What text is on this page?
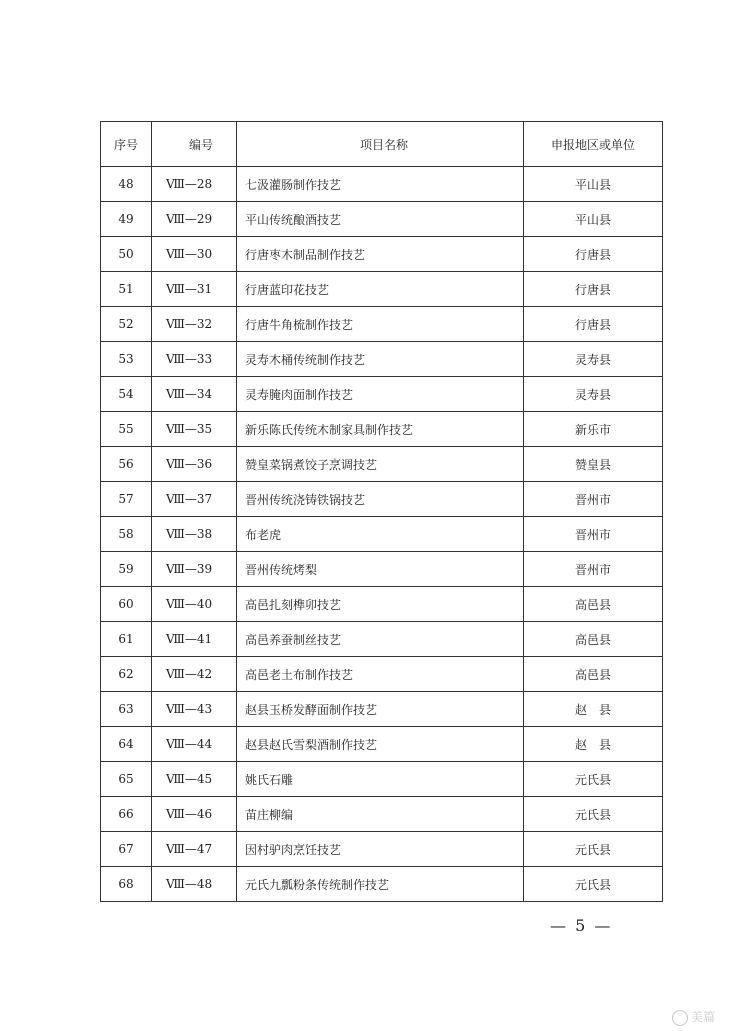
序号	编号	项目名称	申报地区或单位
48	Ⅷ—28	七汲灌肠制作技艺	平山县
49	Ⅷ—29	平山传统酿酒技艺	平山县
50	Ⅷ—30	行唐枣木制品制作技艺	行唐县
51	Ⅷ—31	行唐蓝印花技艺	行唐县
52	Ⅷ—32	行唐牛角梳制作技艺	行唐县
53	Ⅷ—33	灵寿木桶传统制作技艺	灵寿县
54	Ⅷ—34	灵寿腌肉面制作技艺	灵寿县
55	Ⅷ—35	新乐陈氏传统木制家具制作技艺	新乐市
56	Ⅷ—36	赞皇菜锅煮饺子烹调技艺	赞皇县
57	Ⅷ—37	晋州传统浇铸铁锅技艺	晋州市
58	Ⅷ—38	布老虎	晋州市
59	Ⅷ—39	晋州传统烤梨	晋州市
60	Ⅷ—40	高邑扎刻榫卯技艺	高邑县
61	Ⅷ—41	高邑养蚕制丝技艺	高邑县
62	Ⅷ—42	高邑老土布制作技艺	高邑县
63	Ⅷ—43	赵县玉桥发酵面制作技艺	赵　县
64	Ⅷ—44	赵县赵氏雪梨酒制作技艺	赵　县
65	Ⅷ—45	姚氏石雕	元氏县
66	Ⅷ—46	苗庄柳编	元氏县
67	Ⅷ—47	因村驴肉烹饪技艺	元氏县
68	Ⅷ—48	元氏九瓢粉条传统制作技艺	元氏县
— 5 —
美篇
